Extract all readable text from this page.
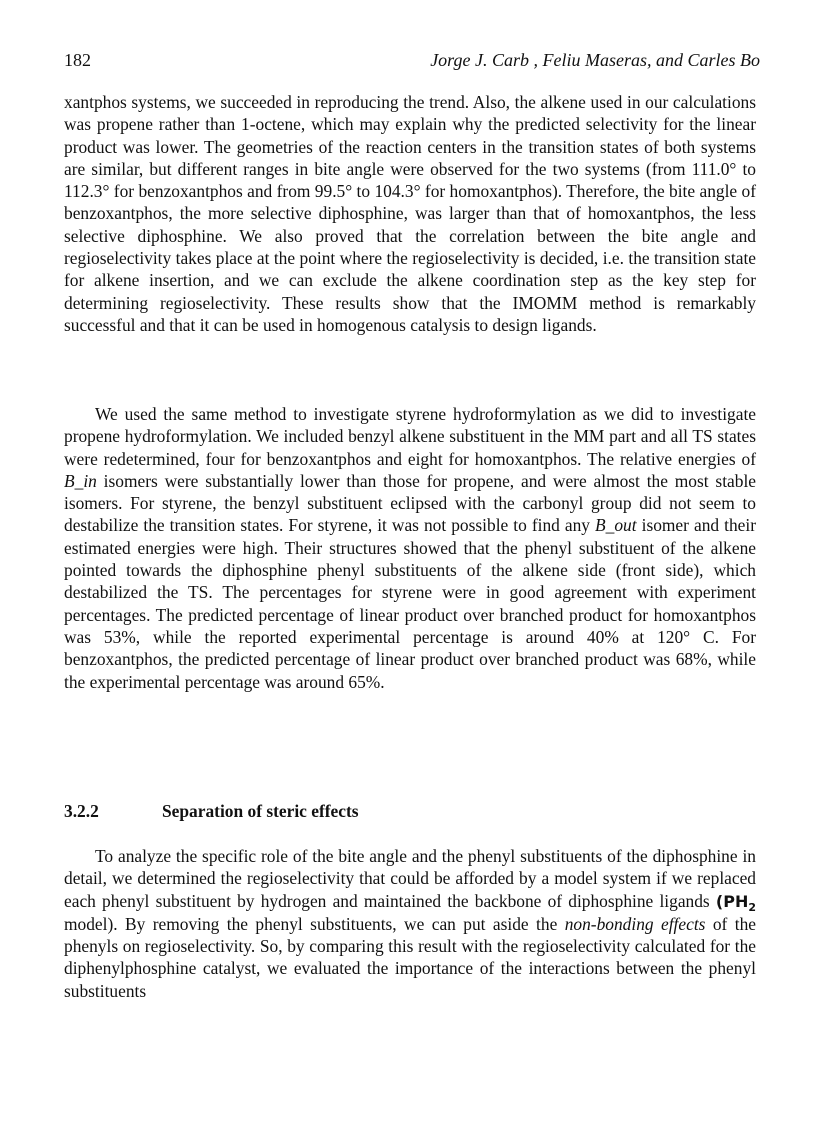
182	Jorge J. Carb , Feliu Maseras, and Carles Bo

xantphos systems, we succeeded in reproducing the trend. Also, the alkene used in our calculations was propene rather than 1-octene, which may explain why the predicted selectivity for the linear product was lower. The geometries of the reaction centers in the transition states of both systems are similar, but different ranges in bite angle were observed for the two systems (from 111.0° to 112.3° for benzoxantphos and from 99.5° to 104.3° for homoxantphos). Therefore, the bite angle of benzoxantphos, the more selective diphosphine, was larger than that of homoxantphos, the less selective diphosphine. We also proved that the correlation between the bite angle and regioselectivity takes place at the point where the regioselectivity is decided, i.e. the transition state for alkene insertion, and we can exclude the alkene coordination step as the key step for determining regioselectivity. These results show that the IMOMM method is remarkably successful and that it can be used in homogenous catalysis to design ligands.

We used the same method to investigate styrene hydroformylation as we did to investigate propene hydroformylation. We included benzyl alkene substituent in the MM part and all TS states were redetermined, four for benzoxantphos and eight for homoxantphos. The relative energies of B_in isomers were substantially lower than those for propene, and were almost the most stable isomers. For styrene, the benzyl substituent eclipsed with the carbonyl group did not seem to destabilize the transition states. For styrene, it was not possible to find any B_out isomer and their estimated energies were high. Their structures showed that the phenyl substituent of the alkene pointed towards the diphosphine phenyl substituents of the alkene side (front side), which destabilized the TS. The percentages for styrene were in good agreement with experiment percentages. The predicted percentage of linear product over branched product for homoxantphos was 53%, while the reported experimental percentage is around 40% at 120° C. For benzoxantphos, the predicted percentage of linear product over branched product was 68%, while the experimental percentage was around 65%.

3.2.2	Separation of steric effects

To analyze the specific role of the bite angle and the phenyl substituents of the diphosphine in detail, we determined the regioselectivity that could be afforded by a model system if we replaced each phenyl substituent by hydrogen and maintained the backbone of diphosphine ligands ($PH_2$ model). By removing the phenyl substituents, we can put aside the non-bonding effects of the phenyls on regioselectivity. So, by comparing this result with the regioselectivity calculated for the diphenylphosphine catalyst, we evaluated the importance of the interactions between the phenyl substituents
